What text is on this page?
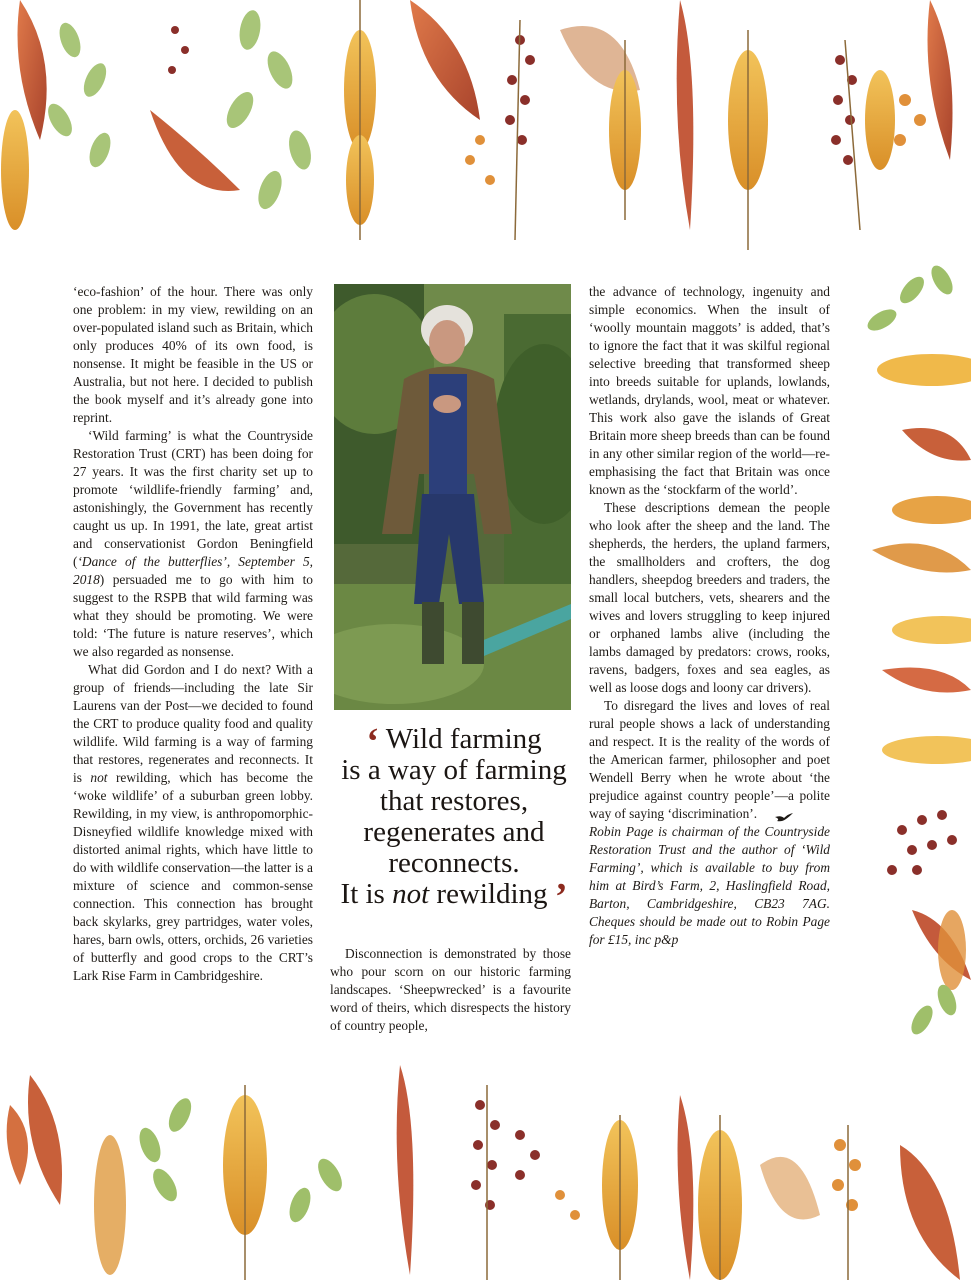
‘eco-fashion’ of the hour. There was only one problem: in my view, rewilding on an over-populated island such as Britain, which only produces 40% of its own food, is nonsense. It might be feasible in the US or Australia, but not here. I decided to publish the book myself and it’s already gone into reprint.

‘Wild farming’ is what the Countryside Restoration Trust (CRT) has been doing for 27 years. It was the first charity set up to promote ‘wildlife-friendly farming’ and, astonishingly, the Government has recently caught us up. In 1991, the late, great artist and conservationist Gordon Beningfield (‘Dance of the butterflies’, September 5, 2018) persuaded me to go with him to suggest to the RSPB that wild farming was what they should be promoting. We were told: ‘The future is nature reserves’, which we also regarded as nonsense.

What did Gordon and I do next? With a group of friends—including the late Sir Laurens van der Post—we decided to found the CRT to produce quality food and quality wildlife. Wild farming is a way of farming that restores, regenerates and reconnects. It is not rewilding, which has become the ‘woke wildlife’ of a suburban green lobby. Rewilding, in my view, is anthropomorphic-Disneyfied wildlife knowledge mixed with distorted animal rights, which have little to do with wildlife conservation—the latter is a mixture of science and common-sense connection. This connection has brought back skylarks, grey partridges, water voles, hares, barn owls, otters, orchids, 26 varieties of butterfly and good crops to the CRT’s Lark Rise Farm in Cambridgeshire.

‘ Wild farming
is a way of farming
that restores,
regenerates and
reconnects.
It is not rewilding ’

Disconnection is demonstrated by those who pour scorn on our historic farming landscapes. ‘Sheepwrecked’ is a favourite word of theirs, which disrespects the history of country people,

the advance of technology, ingenuity and simple economics. When the insult of ‘woolly mountain maggots’ is added, that’s to ignore the fact that it was skilful regional selective breeding that transformed sheep into breeds suitable for uplands, lowlands, wetlands, drylands, wool, meat or whatever. This work also gave the islands of Great Britain more sheep breeds than can be found in any other similar region of the world—re-emphasising the fact that Britain was once known as the ‘stockfarm of the world’.

These descriptions demean the people who look after the sheep and the land. The shepherds, the herders, the upland farmers, the smallholders and crofters, the dog handlers, sheepdog breeders and traders, the small local butchers, vets, shearers and the wives and lovers struggling to keep injured or orphaned lambs alive (including the lambs damaged by predators: crows, rooks, ravens, badgers, foxes and sea eagles, as well as loose dogs and loony car drivers).

To disregard the lives and loves of real rural people shows a lack of understanding and respect. It is the reality of the words of the American farmer, philosopher and poet Wendell Berry when he wrote about ‘the prejudice against country people’—a polite way of saying ‘discrimination’.

Robin Page is chairman of the Countryside Restoration Trust and the author of ‘Wild Farming’, which is available to buy from him at Bird’s Farm, 2, Haslingfield Road, Barton, Cambridgeshire, CB23 7AG. Cheques should be made out to Robin Page for £15, inc p&p
